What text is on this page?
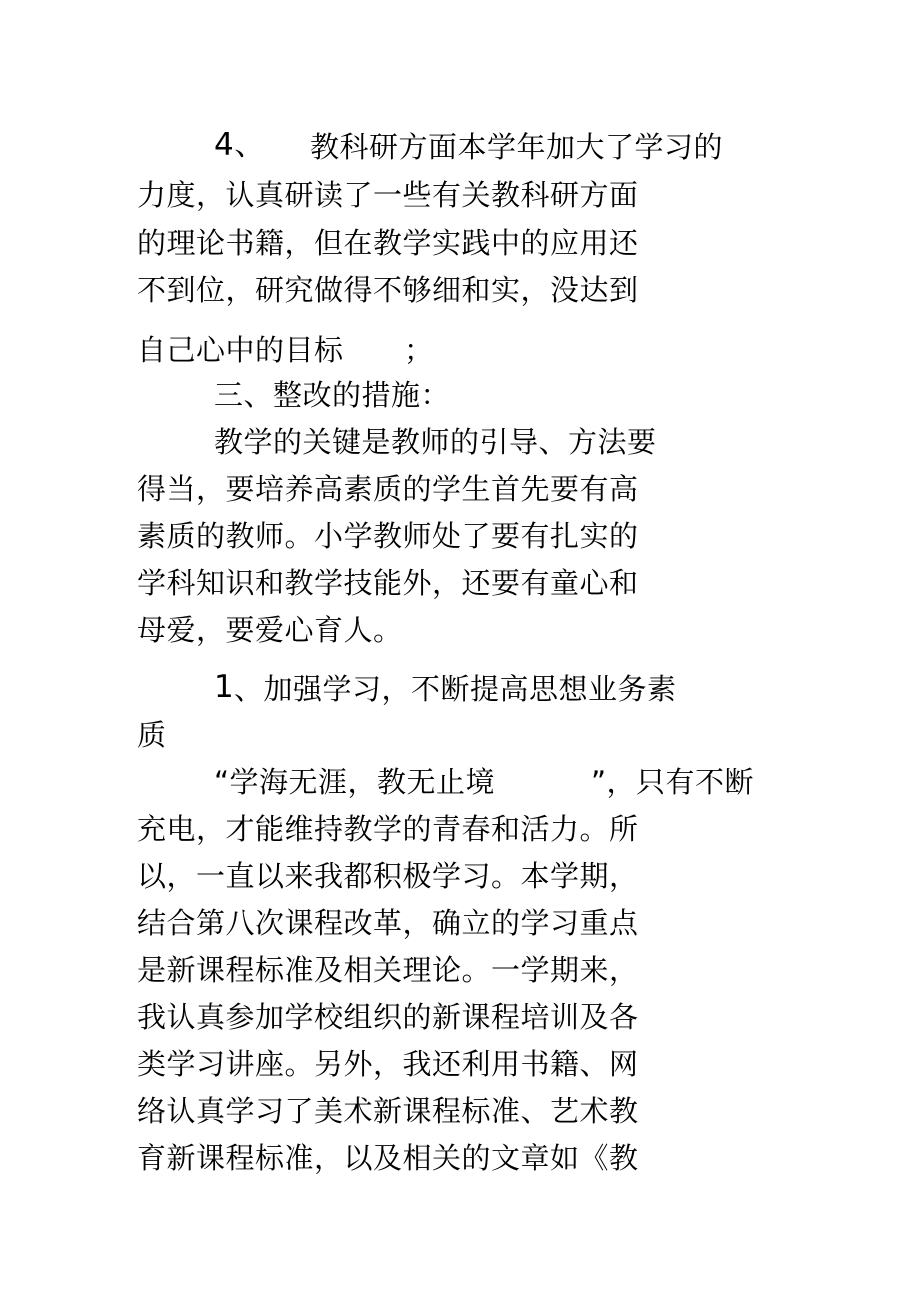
4、 教科研方面本学年加大了学习的
力度，认真研读了一些有关教科研方面
的理论书籍，但在教学实践中的应用还
不到位，研究做得不够细和实，没达到
自己心中的目标 ；
三、整改的措施：
教学的关键是教师的引导、方法要
得当，要培养高素质的学生首先要有高
素质的教师。小学教师处了要有扎实的
学科知识和教学技能外，还要有童心和
母爱，要爱心育人。
1 、加强学习，不断提高思想业务素
质
“学海无涯，教无止境	”，只有不断
充电，才能维持教学的青春和活力。所
以，一直以来我都积极学习。本学期，
结合第八次课程改革，确立的学习重点
是新课程标准及相关理论。一学期来，
我认真参加学校组织的新课程培训及各
类学习讲座。另外，我还利用书籍、网
络认真学习了美术新课程标准、艺术教
育新课程标准，以及相关的文章如《教
